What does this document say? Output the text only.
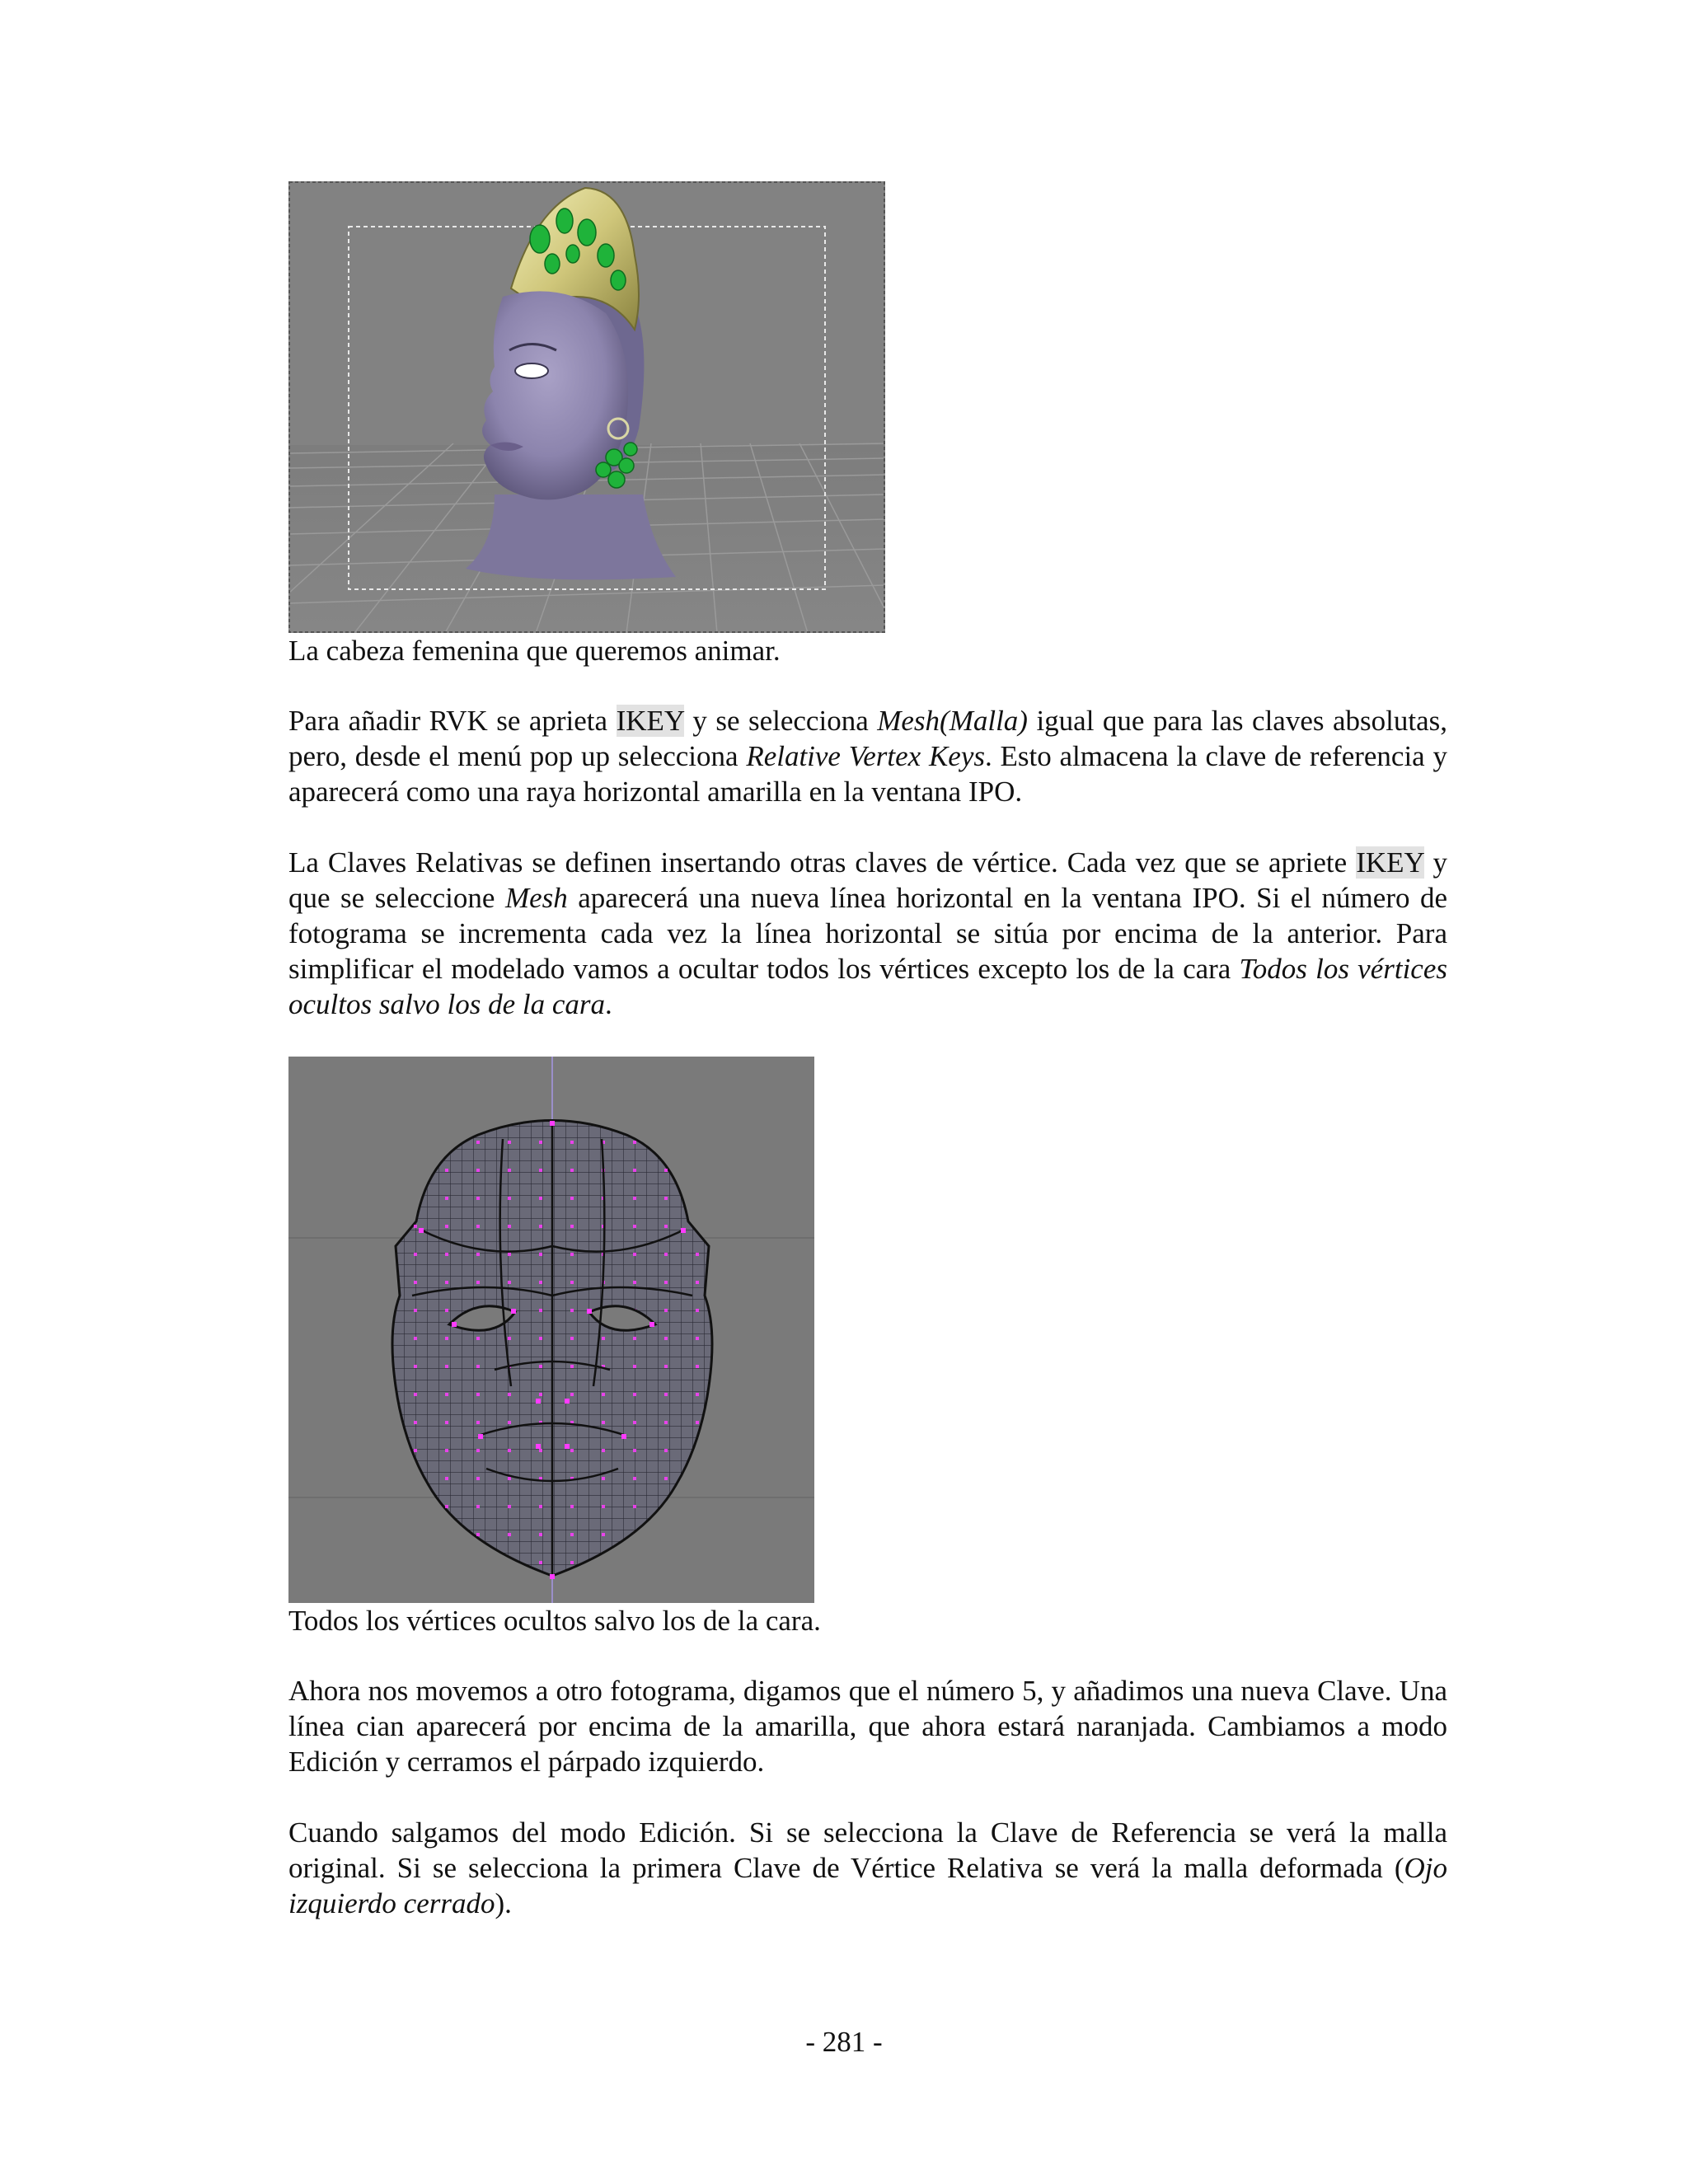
La cabeza femenina que queremos animar.

Para añadir RVK se aprieta IKEY y se selecciona Mesh(Malla) igual que para las claves absolutas, pero, desde el menú pop up selecciona Relative Vertex Keys. Esto almacena la clave de referencia y aparecerá como una raya horizontal amarilla en la ventana IPO.

La Claves Relativas se definen insertando otras claves de vértice. Cada vez que se apriete IKEY y que se seleccione Mesh aparecerá una nueva línea horizontal en la ventana IPO. Si el número de fotograma se incrementa cada vez la línea horizontal se sitúa por encima de la anterior. Para simplificar el modelado vamos a ocultar todos los vértices excepto los de la cara Todos los vértices ocultos salvo los de la cara.

Todos los vértices ocultos salvo los de la cara.

Ahora nos movemos a otro fotograma, digamos que el número 5, y añadimos una nueva Clave. Una línea cian aparecerá por encima de la amarilla, que ahora estará naranjada. Cambiamos a modo Edición y cerramos el párpado izquierdo.

Cuando salgamos del modo Edición. Si se selecciona la Clave de Referencia se verá la malla original. Si se selecciona la primera Clave de Vértice Relativa se verá la malla deformada (Ojo izquierdo cerrado).

- 281 -
